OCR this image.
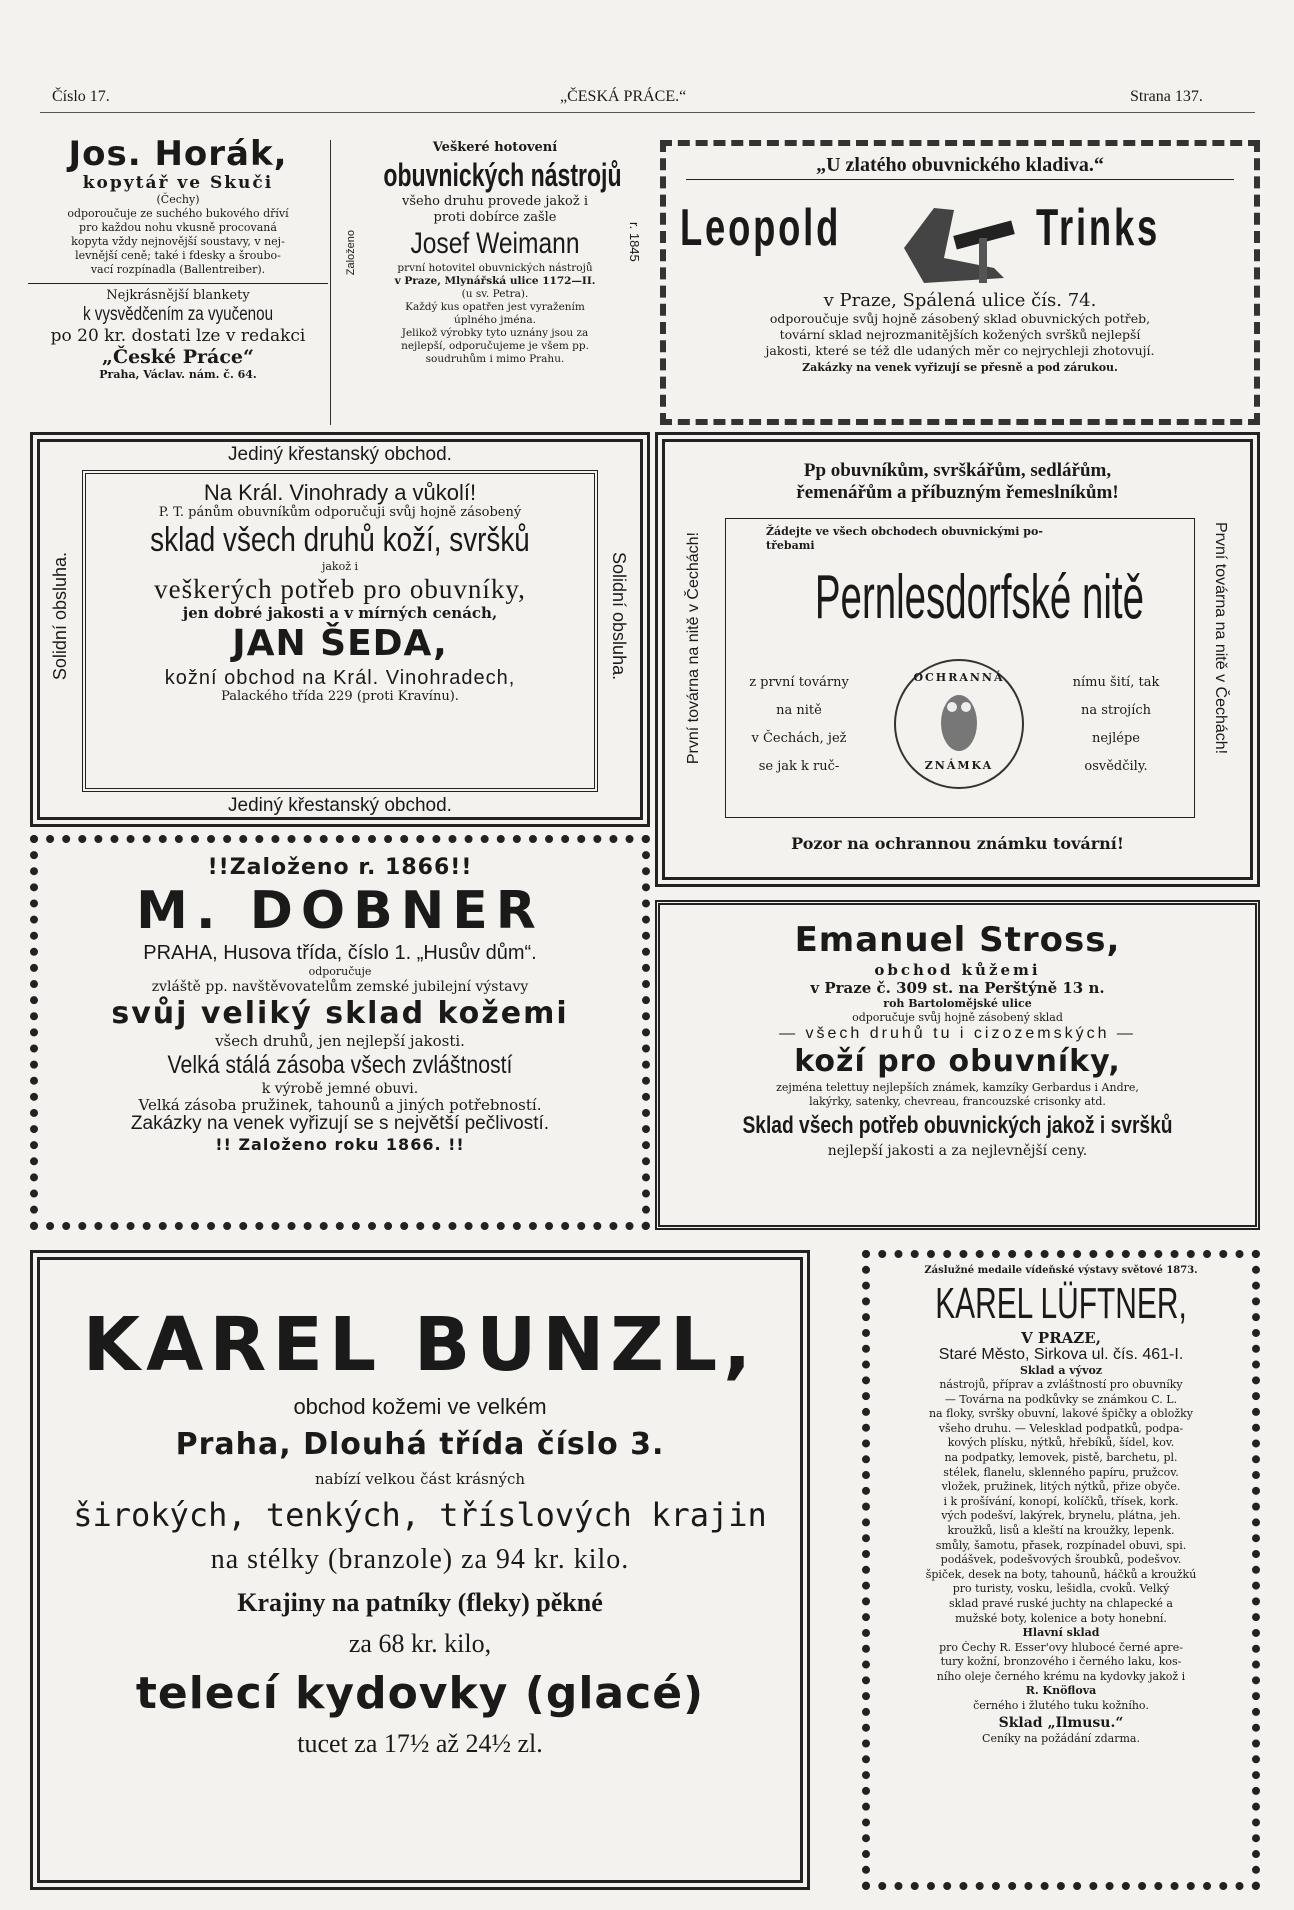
Číslo 17.	„ČESKÁ PRÁCE.“	Strana 137.
Jos. Horák,
kopytář ve Skuči
(Čechy)
odporoučuje ze suchého bukového dříví
pro každou nohu vkusně procovaná
kopyta vždy nejnovější soustavy, v nej-
levnější ceně; také i fdesky a šroubo-
vací rozpínadla (Ballentreiber).
Nejkrásnější blankety
k vysvědčením za vyučenou
po 20 kr. dostati lze v redakci
„České Práce“
Praha, Václav. nám. č. 64.
Veškeré hotovení
obuvnických nástrojů
všeho druhu provede jakož i
proti dobírce zašle
Josef Weimann
první hotovitel obuvnických nástrojů
v Praze, Mlynářská ulice 1172—II.
(u sv. Petra).
Každý kus opatřen jest vyražením
úplného jména.
Jelikož výrobky tyto uznány jsou za
nejlepší, odporučujeme je všem pp.
soudruhům i mimo Prahu.
Založeno	r. 1845
„U zlatého obuvnického kladiva.“
Leopold	Trinks
v Praze, Spálená ulice čís. 74.
odporoučuje svůj hojně zásobený sklad obuvnických potřeb,
tovární sklad nejrozmanitějších kožených svršků nejlepší
jakosti, které se též dle udaných měr co nejrychleji zhotovují.
Zakázky na venek vyřizují se přesně a pod zárukou.
Jediný křestanský obchod.
Na Král. Vinohrady a vůkolí!
P. T. pánům obuvníkům odporučuji svůj hojně zásobený
sklad všech druhů koží, svršků
jakož i
veškerých potřeb pro obuvníky,
jen dobré jakosti a v mírných cenách,
JAN ŠEDA,
kožní obchod na Král. Vinohradech,
Palackého třída 229 (proti Kravínu).
Solidní obsluha.	Solidní obsluha.
Jediný křestanský obchod.
Pp obuvníkům, svrškářům, sedlářům,
řemenářům a příbuzným řemeslníkům!
Žádejte ve všech obchodech obuvnickými po-
třebami
Pernlesdorfské nitě
z první továrny
na nitě
v Čechách, jež
se jak k ruč-
OCHRANNÁ
ZNÁMKA
nímu šití, tak
na strojích
nejlépe
osvědčily.
První továrna na nitě v Čechách!	První továrna na nitě v Čechách!
Pozor na ochrannou známku tovární!
!!Založeno r. 1866!!
M. DOBNER
PRAHA, Husova třída, číslo 1. „Husův dům“.
odporučuje
zvláště pp. navštěvovatelům zemské jubilejní výstavy
svůj veliký sklad kožemi
všech druhů, jen nejlepší jakosti.
Velká stálá zásoba všech zvláštností
k výrobě jemné obuvi.
Velká zásoba pružinek, tahounů a jiných potřebností.
Zakázky na venek vyřizují se s největší pečlivostí.
!! Založeno roku 1866. !!
Emanuel Stross,
obchod kůžemi
v Praze č. 309 st. na Perštýně 13 n.
roh Bartolomějské ulice
odporučuje svůj hojně zásobený sklad
— všech druhů tu i cizozemských —
koží pro obuvníky,
zejména telettuy nejlepších známek, kamzíky Gerbardus i Andre,
lakýrky, satenky, chevreau, francouzské crisonky atd.
Sklad všech potřeb obuvnických jakož i svršků
nejlepší jakosti a za nejlevnější ceny.
KAREL BUNZL,
obchod kožemi ve velkém
Praha, Dlouhá třída číslo 3.
nabízí velkou část krásných
širokých, tenkých, tříslových krajin
na stélky (branzole) za 94 kr. kilo.
Krajiny na patníky (fleky) pěkné
za 68 kr. kilo,
telecí kydovky (glacé)
tucet za 17½ až 24½ zl.
Záslužné medaile vídeňské výstavy světové 1873.
KAREL LÜFTNER,
V PRAZE,
Staré Město, Sirkova ul. čís. 461-I.
Sklad a vývoz
nástrojů, příprav a zvláštností pro obuvníky
— Továrna na podkůvky se známkou C. L.
na floky, svršky obuvní, lakové špičky a obložky
všeho druhu. — Velesklad podpatků, podpa-
kových plísku, nýtků, hřebíků, šídel, kov.
na podpatky, lemovek, pistě, barchetu, pl.
stélek, flanelu, sklenného papíru, pružcov.
vložek, pružinek, litých nýtků, přize obyče.
i k prošívání, konopí, kolíčků, třísek, kork.
vých podešví, lakýrek, brynelu, plátna, jeh.
kroužků, lisů a kleští na kroužky, lepenk.
smůly, šamotu, přasek, rozpínadel obuvi, spi.
podášvek, podešvových šroubků, podešvov.
špiček, desek na boty, tahounů, háčků a kroužkú
pro turisty, vosku, lešidla, cvoků. Velký
sklad pravé ruské juchty na chlapecké a
mužské boty, kolenice a boty honební.
Hlavní sklad
pro Čechy R. Esser'ovy hlubocé černé apre-
tury kožní, bronzového i černého laku, kos-
ního oleje černého krému na kydovky jakož i
R. Knöflova
černého i žlutého tuku kožního.
Sklad „Ilmusu.“
Ceníky na požádání zdarma.
